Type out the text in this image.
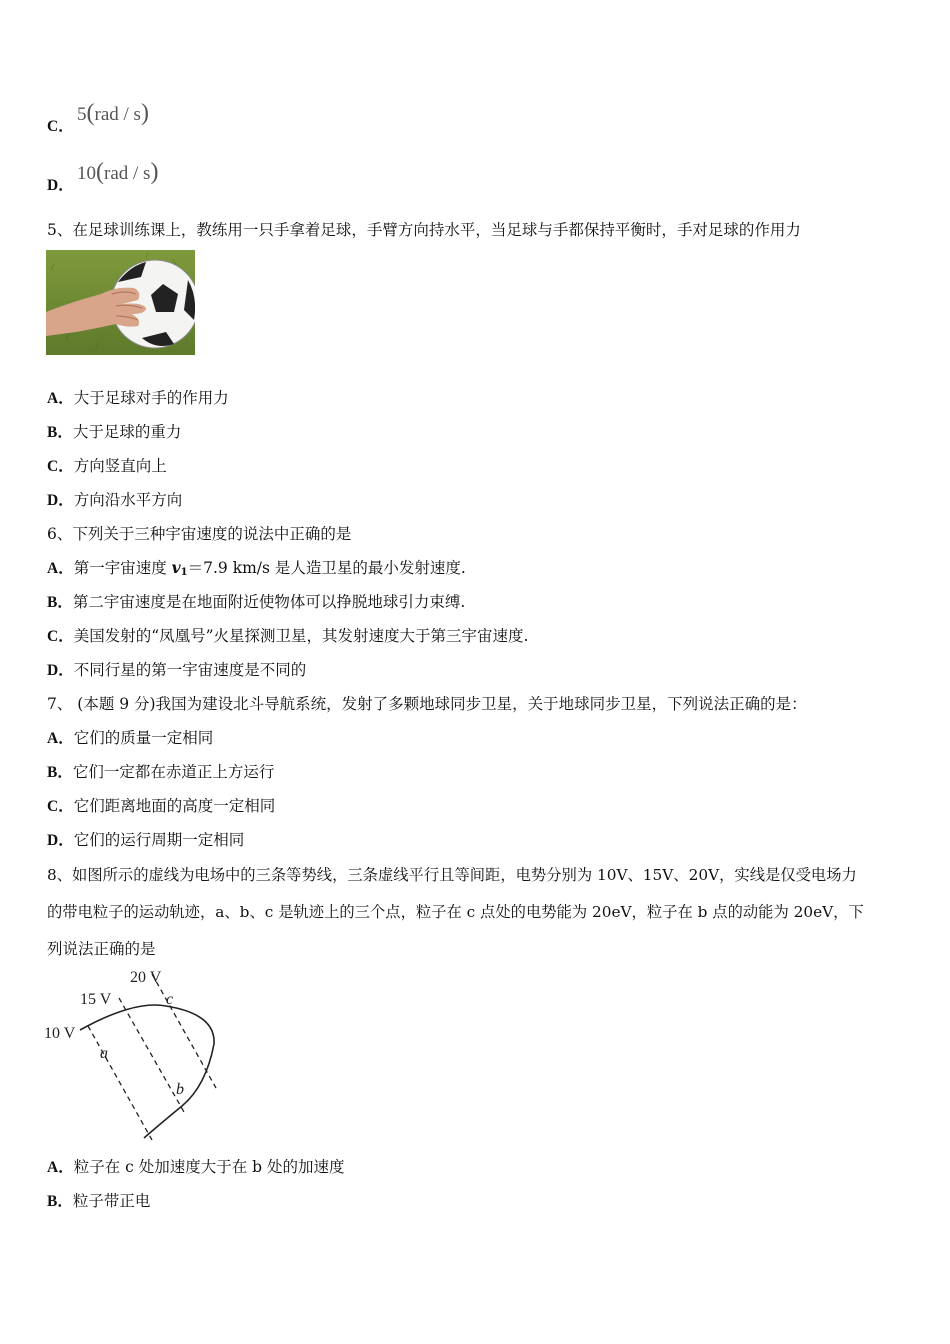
C．
5(rad / s)
D．
10(rad / s)
5、在足球训练课上，教练用一只手拿着足球，手臂方向持水平，当足球与手都保持平衡时，手对足球的作用力
A．大于足球对手的作用力
B．大于足球的重力
C．方向竖直向上
D．方向沿水平方向
6、下列关于三种宇宙速度的说法中正确的是
A．第一宇宙速度 $v_1=7.9$ km/s 是人造卫星的最小发射速度.
B．第二宇宙速度是在地面附近使物体可以挣脱地球引力束缚.
C．美国发射的“凤凰号”火星探测卫星，其发射速度大于第三宇宙速度.
D．不同行星的第一宇宙速度是不同的
7、 (本题 9 分)我国为建设北斗导航系统，发射了多颗地球同步卫星，关于地球同步卫星，下列说法正确的是：
A．它们的质量一定相同
B．它们一定都在赤道正上方运行
C．它们距离地面的高度一定相同
D．它们的运行周期一定相同
8、如图所示的虚线为电场中的三条等势线，三条虚线平行且等间距，电势分别为 10V、15V、20V，实线是仅受电场力
的带电粒子的运动轨迹，a、b、c 是轨迹上的三个点，粒子在 c 点处的电势能为 20eV，粒子在 b 点的动能为 20eV，下
列说法正确的是
20 V
15 V
10 V
a
b
c
A．粒子在 c 处加速度大于在 b 处的加速度
B．粒子带正电
